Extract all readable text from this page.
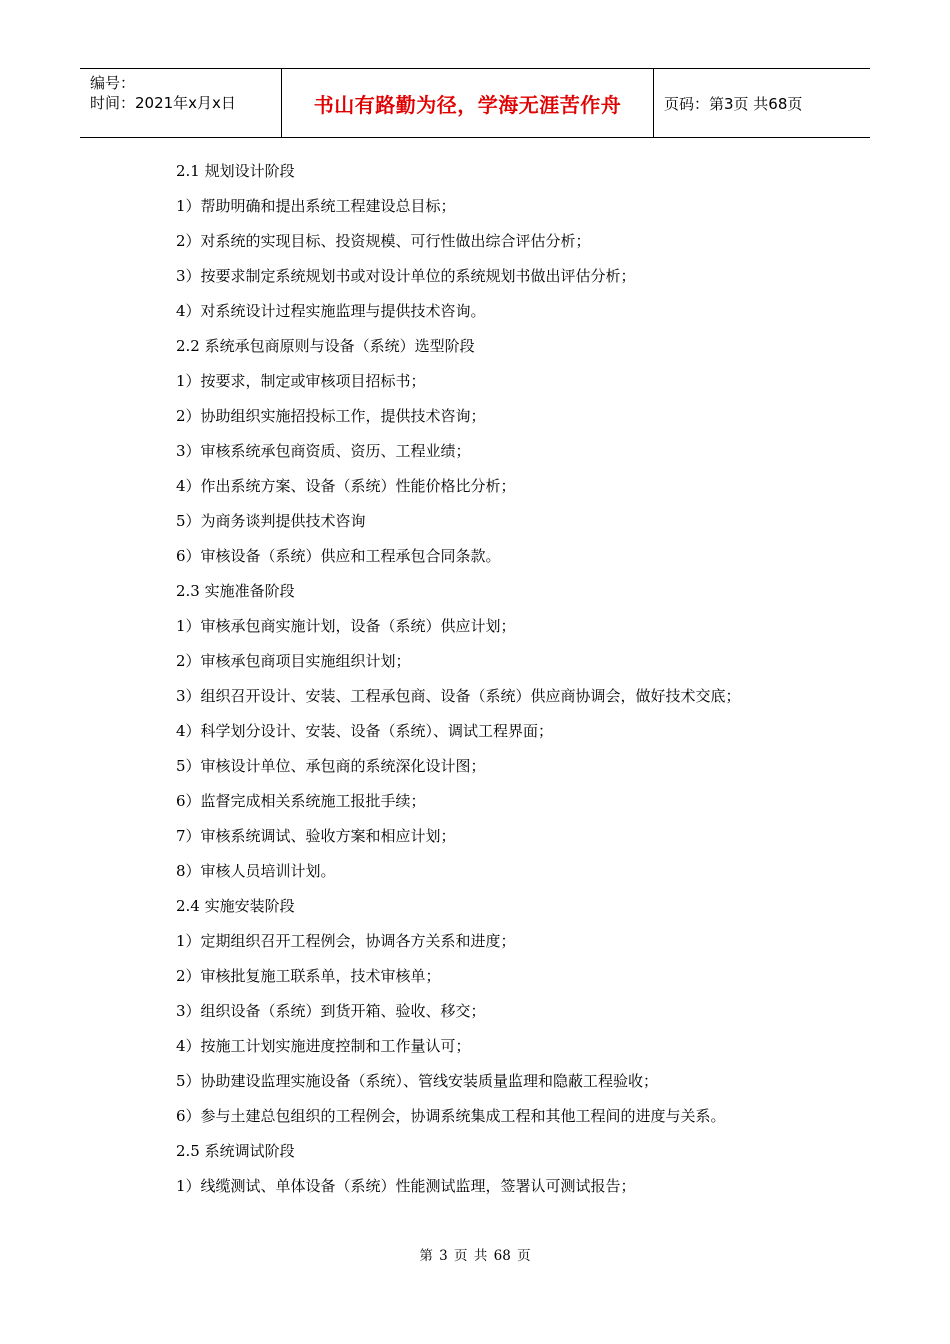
编号：
时间：2021年x月x日	书山有路勤为径，学海无涯苦作舟	页码：第3页 共68页
2.1 规划设计阶段
1）帮助明确和提出系统工程建设总目标；
2）对系统的实现目标、投资规模、可行性做出综合评估分析；
3）按要求制定系统规划书或对设计单位的系统规划书做出评估分析；
4）对系统设计过程实施监理与提供技术咨询。
2.2 系统承包商原则与设备（系统）选型阶段
1）按要求，制定或审核项目招标书；
2）协助组织实施招投标工作，提供技术咨询；
3）审核系统承包商资质、资历、工程业绩；
4）作出系统方案、设备（系统）性能价格比分析；
5）为商务谈判提供技术咨询
6）审核设备（系统）供应和工程承包合同条款。
2.3 实施准备阶段
1）审核承包商实施计划，设备（系统）供应计划；
2）审核承包商项目实施组织计划；
3）组织召开设计、安装、工程承包商、设备（系统）供应商协调会，做好技术交底；
4）科学划分设计、安装、设备（系统）、调试工程界面；
5）审核设计单位、承包商的系统深化设计图；
6）监督完成相关系统施工报批手续；
7）审核系统调试、验收方案和相应计划；
8）审核人员培训计划。
2.4 实施安装阶段
1）定期组织召开工程例会，协调各方关系和进度；
2）审核批复施工联系单，技术审核单；
3）组织设备（系统）到货开箱、验收、移交；
4）按施工计划实施进度控制和工作量认可；
5）协助建设监理实施设备（系统）、管线安装质量监理和隐蔽工程验收；
6）参与土建总包组织的工程例会，协调系统集成工程和其他工程间的进度与关系。
2.5 系统调试阶段
1）线缆测试、单体设备（系统）性能测试监理，签署认可测试报告；
第 3 页 共 68 页
